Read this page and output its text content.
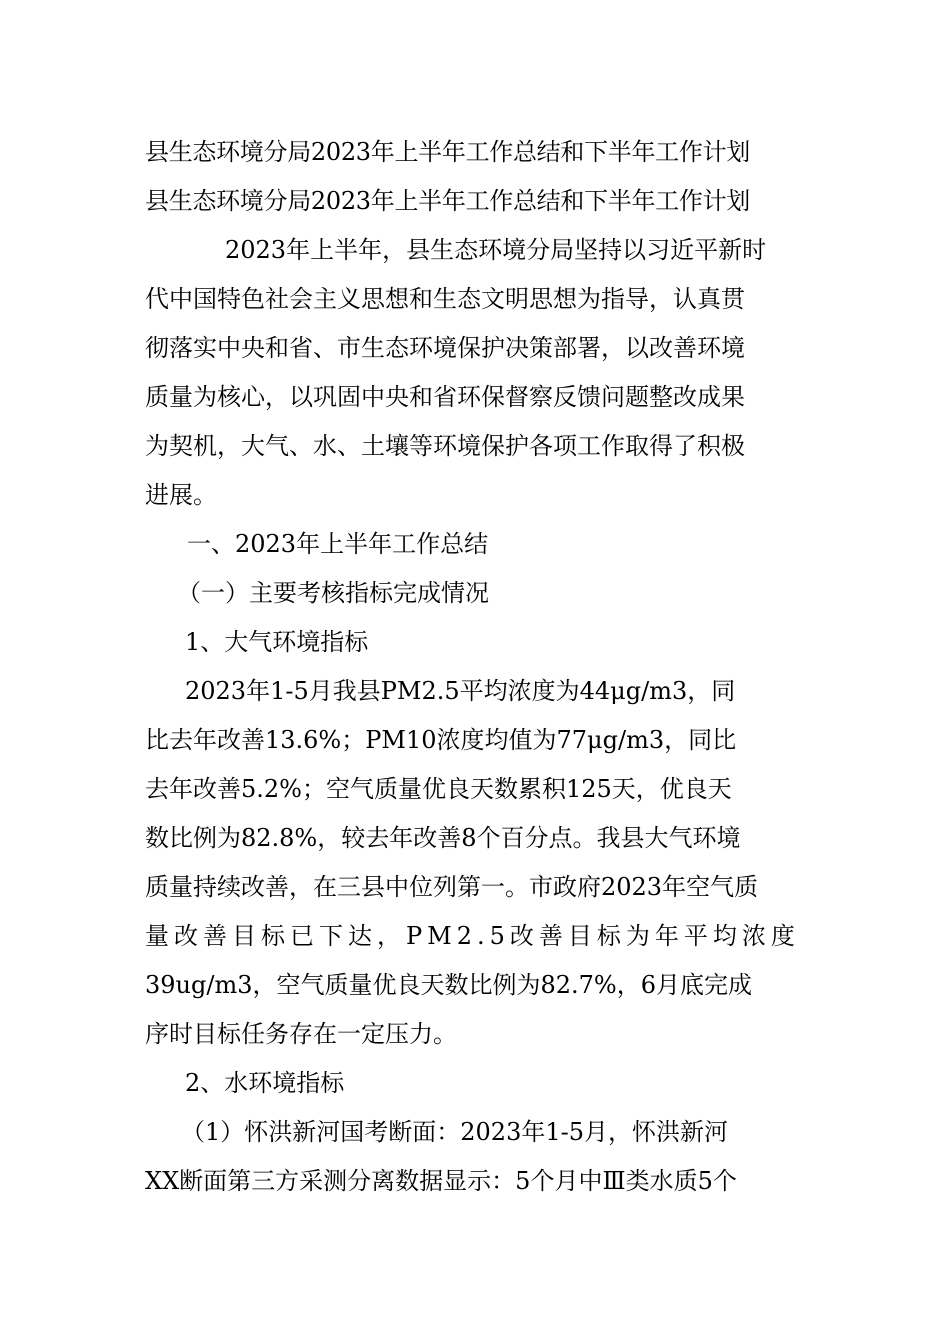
县生态环境分局2023年上半年工作总结和下半年工作计划
县生态环境分局2023年上半年工作总结和下半年工作计划
2023年上半年，县生态环境分局坚持以习近平新时
代中国特色社会主义思想和生态文明思想为指导，认真贯
彻落实中央和省、市生态环境保护决策部署，以改善环境
质量为核心，以巩固中央和省环保督察反馈问题整改成果
为契机，大气、水、土壤等环境保护各项工作取得了积极
进展。
一、2023年上半年工作总结
（一）主要考核指标完成情况
1、大气环境指标
2023年1-5月我县PM2.5平均浓度为44μg/m3，同
比去年改善13.6%；PM10浓度均值为77μg/m3，同比
去年改善5.2%；空气质量优良天数累积125天，优良天
数比例为82.8%，较去年改善8个百分点。我县大气环境
质量持续改善，在三县中位列第一。市政府2023年空气质
量改善目标已下达，PM2.5改善目标为年平均浓度
39ug/m3，空气质量优良天数比例为82.7%，6月底完成
序时目标任务存在一定压力。
2、水环境指标
（1）怀洪新河国考断面：2023年1-5月，怀洪新河
XX断面第三方采测分离数据显示：5个月中Ⅲ类水质5个
